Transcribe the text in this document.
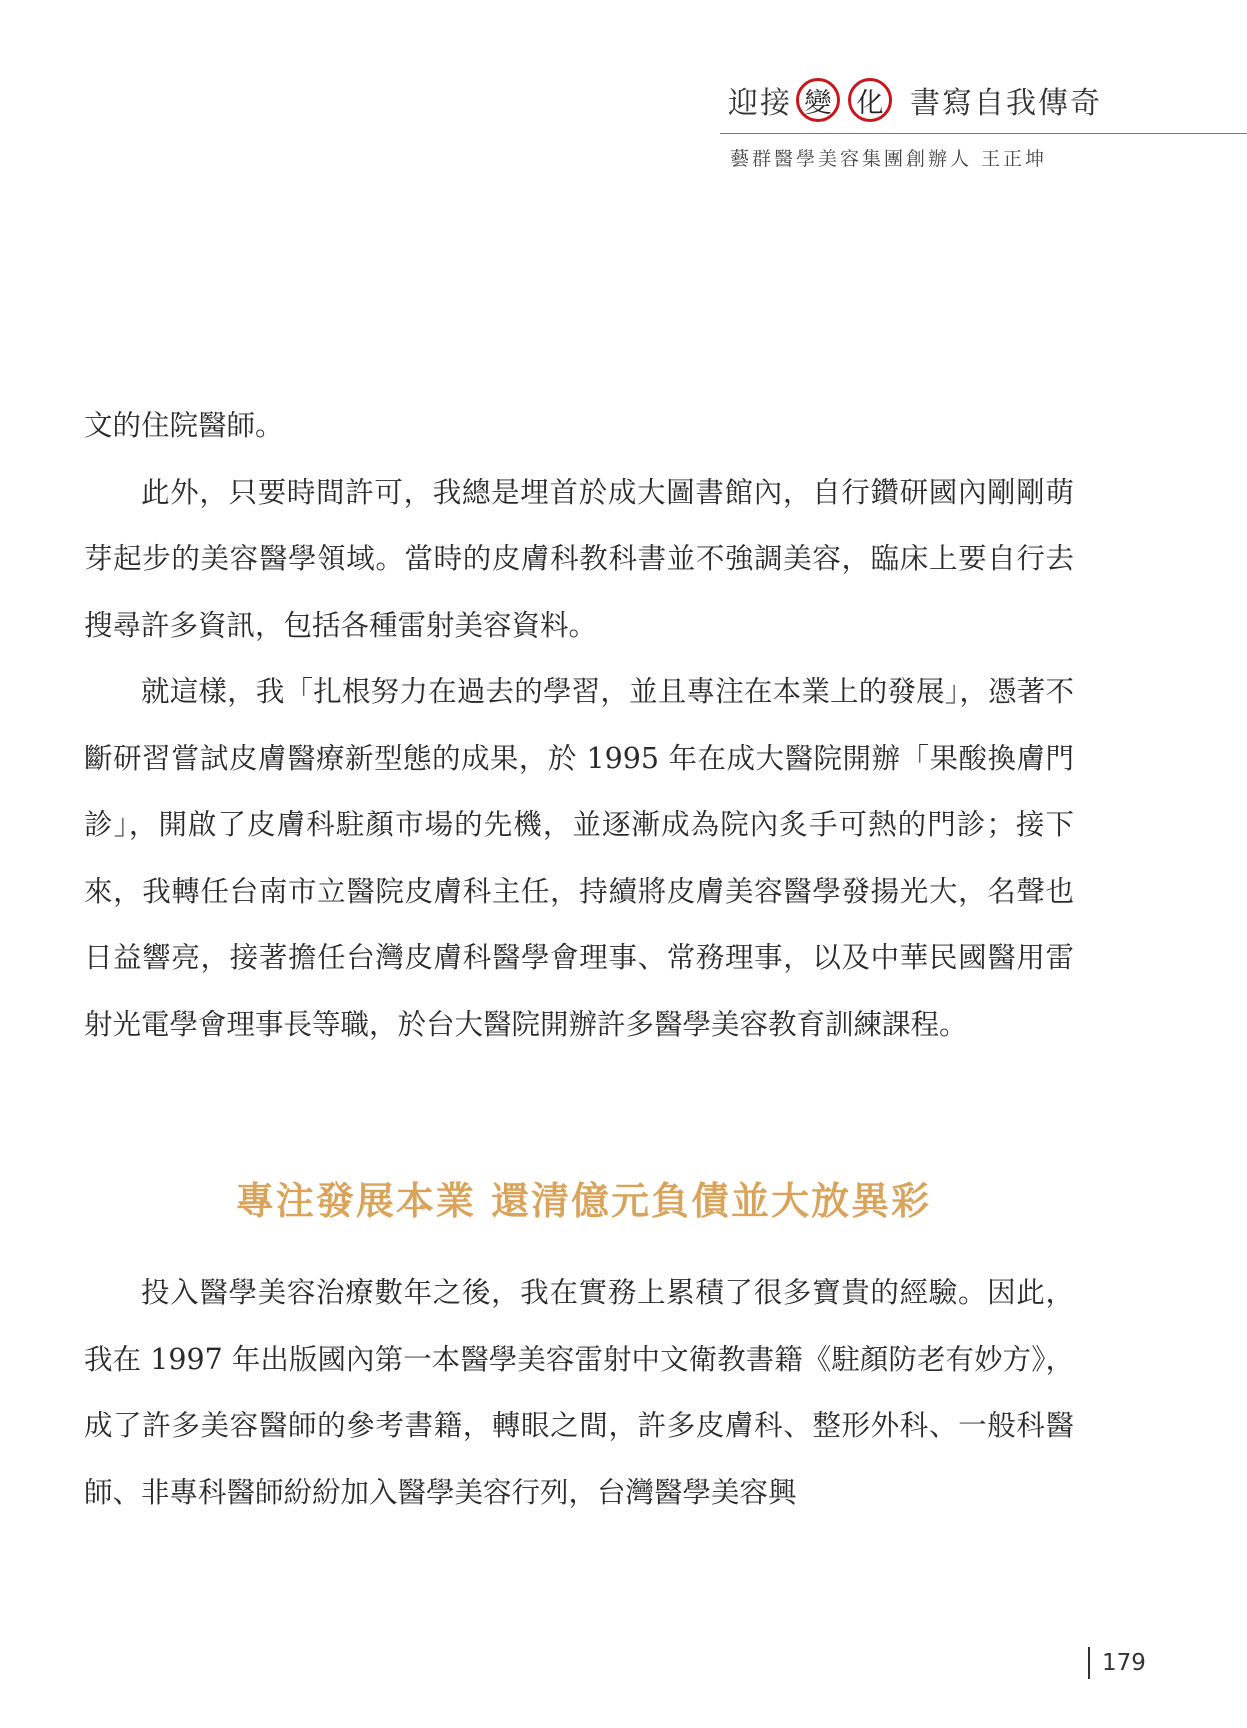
迎接 變 化 書寫自我傳奇
藝群醫學美容集團創辦人 王正坤

文的住院醫師。

此外，只要時間許可，我總是埋首於成大圖書館內，自行鑽研國內剛剛萌芽起步的美容醫學領域。當時的皮膚科教科書並不強調美容，臨床上要自行去搜尋許多資訊，包括各種雷射美容資料。

就這樣，我「扎根努力在過去的學習，並且專注在本業上的發展」，憑著不斷研習嘗試皮膚醫療新型態的成果，於 1995 年在成大醫院開辦「果酸換膚門診」，開啟了皮膚科駐顏市場的先機，並逐漸成為院內炙手可熱的門診；接下來，我轉任台南市立醫院皮膚科主任，持續將皮膚美容醫學發揚光大，名聲也日益響亮，接著擔任台灣皮膚科醫學會理事、常務理事，以及中華民國醫用雷射光電學會理事長等職，於台大醫院開辦許多醫學美容教育訓練課程。

專注發展本業 還清億元負債並大放異彩

投入醫學美容治療數年之後，我在實務上累積了很多寶貴的經驗。因此，我在 1997 年出版國內第一本醫學美容雷射中文衛教書籍《駐顏防老有妙方》，成了許多美容醫師的參考書籍，轉眼之間，許多皮膚科、整形外科、一般科醫師、非專科醫師紛紛加入醫學美容行列，台灣醫學美容興

179
